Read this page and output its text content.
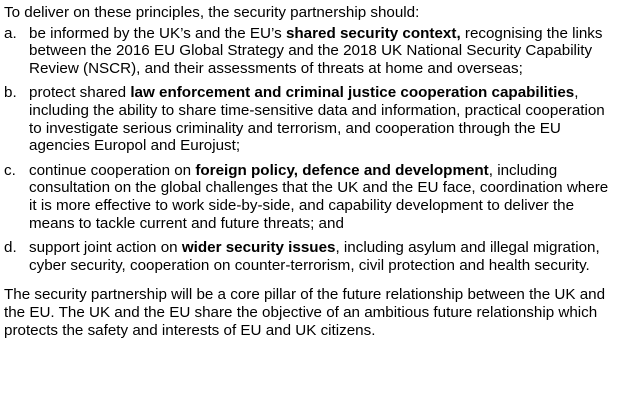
To deliver on these principles, the security partnership should:

a. be informed by the UK’s and the EU’s shared security context, recognising the links between the 2016 EU Global Strategy and the 2018 UK National Security Capability Review (NSCR), and their assessments of threats at home and overseas;
b. protect shared law enforcement and criminal justice cooperation capabilities, including the ability to share time-sensitive data and information, practical cooperation to investigate serious criminality and terrorism, and cooperation through the EU agencies Europol and Eurojust;
c. continue cooperation on foreign policy, defence and development, including consultation on the global challenges that the UK and the EU face, coordination where it is more effective to work side-by-side, and capability development to deliver the means to tackle current and future threats; and
d. support joint action on wider security issues, including asylum and illegal migration, cyber security, cooperation on counter-terrorism, civil protection and health security.

The security partnership will be a core pillar of the future relationship between the UK and the EU. The UK and the EU share the objective of an ambitious future relationship which protects the safety and interests of EU and UK citizens.
